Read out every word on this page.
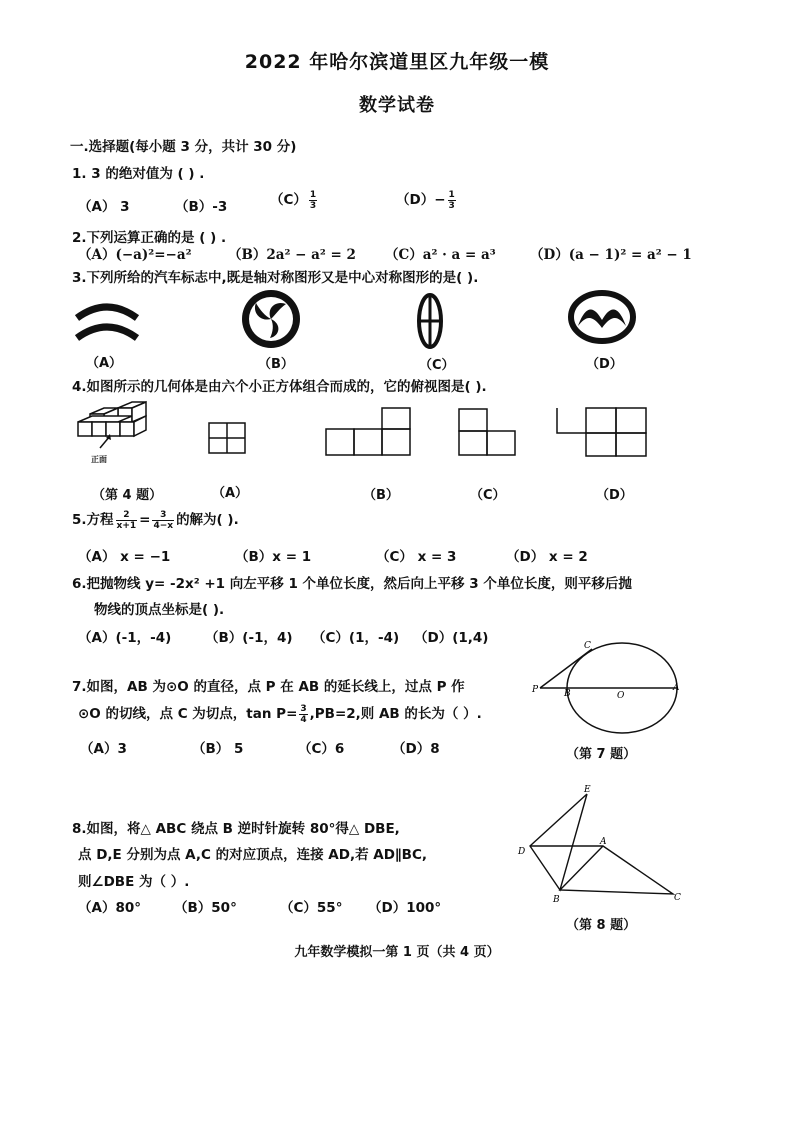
2022 年哈尔滨道里区九年级一模
数学试卷
一.选择题(每小题 3 分，共计 30 分)
1. 3 的绝对值为 ( ) .
（A） 3	（B）-3	$(C) \frac{1}{3}$	$(D)- \frac{1}{3}$
2.下列运算正确的是 ( ) .
（A）(−a)²=−a²	（B）2a² − a² = 2 （C）a² · a = a³	（D）(a − 1)² = a² − 1
3.下列所给的汽车标志中,既是轴对称图形又是中心对称图形的是( ).
（A）	（B）	（C）	（D）
4.如图所示的几何体是由六个小正方体组合而成的，它的俯视图是( ).
正面
（第 4 题）	（A）	（B）	（C）	（D）
5.方程 $\frac{2}{x+1} = \frac{3}{4-x}$ 的解为( ).
（A） x = −1	（B）x = 1	（C） x = 3	（D） x = 2
6.把抛物线 y= -2x² +1 向左平移 1 个单位长度，然后向上平移 3 个单位长度，则平移后抛
物线的顶点坐标是( ).
（A）(-1，-4) （B）(-1，4) （C）(1，-4) （D）(1,4)
7.如图，AB 为⊙O 的直径，点 P 在 AB 的延长线上，过点 P 作
⊙O 的切线，点 C 为切点，$\tan P= \frac{3}{4} ,PB=2$,则 AB 的长为（ ）.
（A）3	（B） 5	（C）6	（D）8
C
P	B	O
A
（第 7 题）
8.如图，将△ ABC 绕点 B 逆时针旋转 80°得△ DBE,
点 D,E 分别为点 A,C 的对应顶点，连接 AD,若 AD∥BC,
则∠DBE 为（ ）.
（A）80° （B）50°	（C）55° （D）100°
E
D
A
B	C
（第 8 题）
九年数学模拟一第 1 页（共 4 页）
